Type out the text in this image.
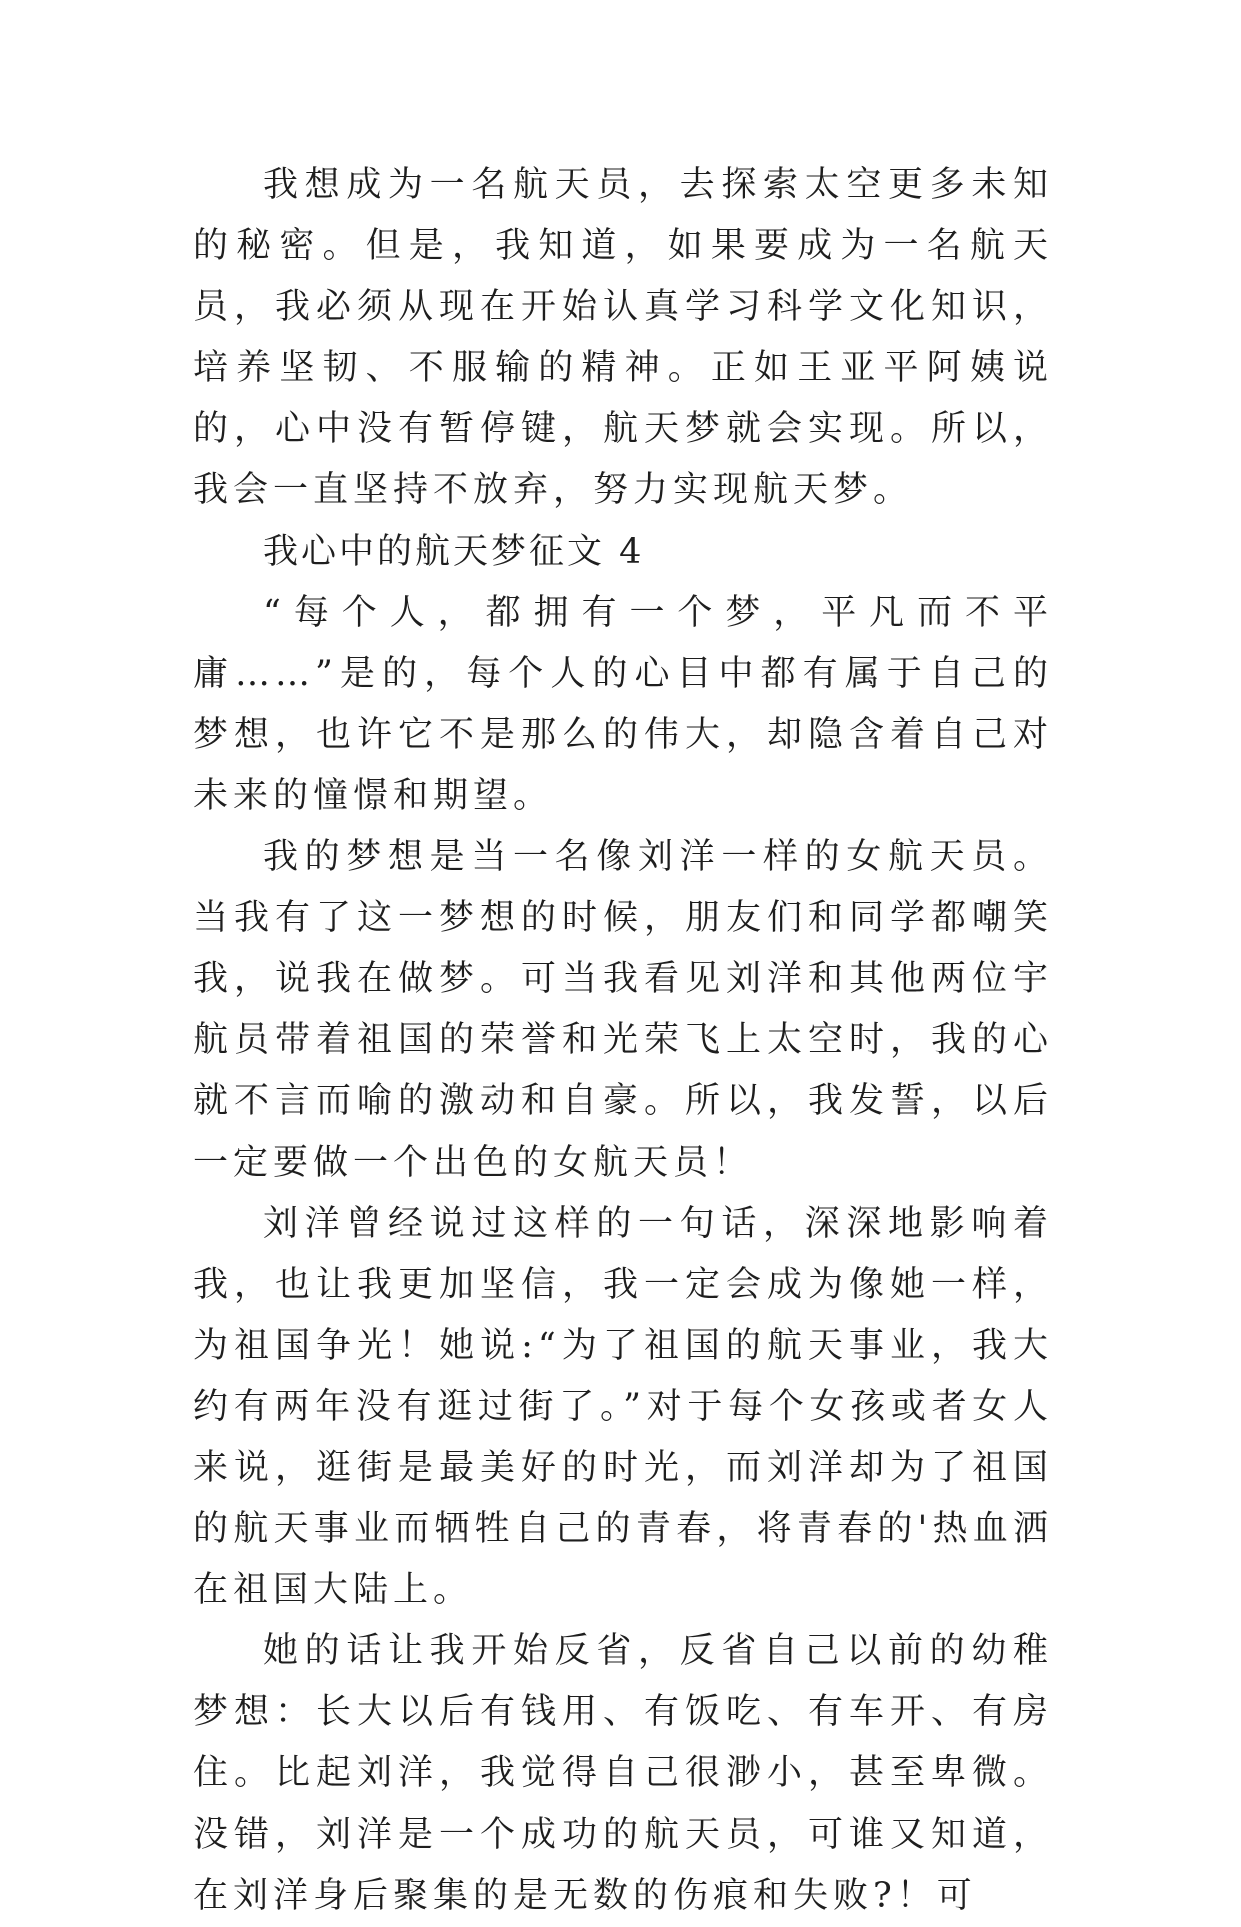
我想成为一名航天员，去探索太空更多未知的秘密。但是，我知道，如果要成为一名航天员，我必须从现在开始认真学习科学文化知识，培养坚韧、不服输的精神。正如王亚平阿姨说的，心中没有暂停键，航天梦就会实现。所以，我会一直坚持不放弃，努力实现航天梦。

我心中的航天梦征文 4

“每个人，都拥有一个梦，平凡而不平庸……”是的，每个人的心目中都有属于自己的梦想，也许它不是那么的伟大，却隐含着自己对未来的憧憬和期望。

我的梦想是当一名像刘洋一样的女航天员。当我有了这一梦想的时候，朋友们和同学都嘲笑我，说我在做梦。可当我看见刘洋和其他两位宇航员带着祖国的荣誉和光荣飞上太空时，我的心就不言而喻的激动和自豪。所以，我发誓，以后一定要做一个出色的女航天员！

刘洋曾经说过这样的一句话，深深地影响着我，也让我更加坚信，我一定会成为像她一样，为祖国争光！她说:“为了祖国的航天事业，我大约有两年没有逛过街了。”对于每个女孩或者女人来说，逛街是最美好的时光，而刘洋却为了祖国的航天事业而牺牲自己的青春，将青春的'热血洒在祖国大陆上。

她的话让我开始反省，反省自己以前的幼稚梦想：长大以后有钱用、有饭吃、有车开、有房住。比起刘洋，我觉得自己很渺小，甚至卑微。没错，刘洋是一个成功的航天员，可谁又知道，在刘洋身后聚集的是无数的伤痕和失败?！可
